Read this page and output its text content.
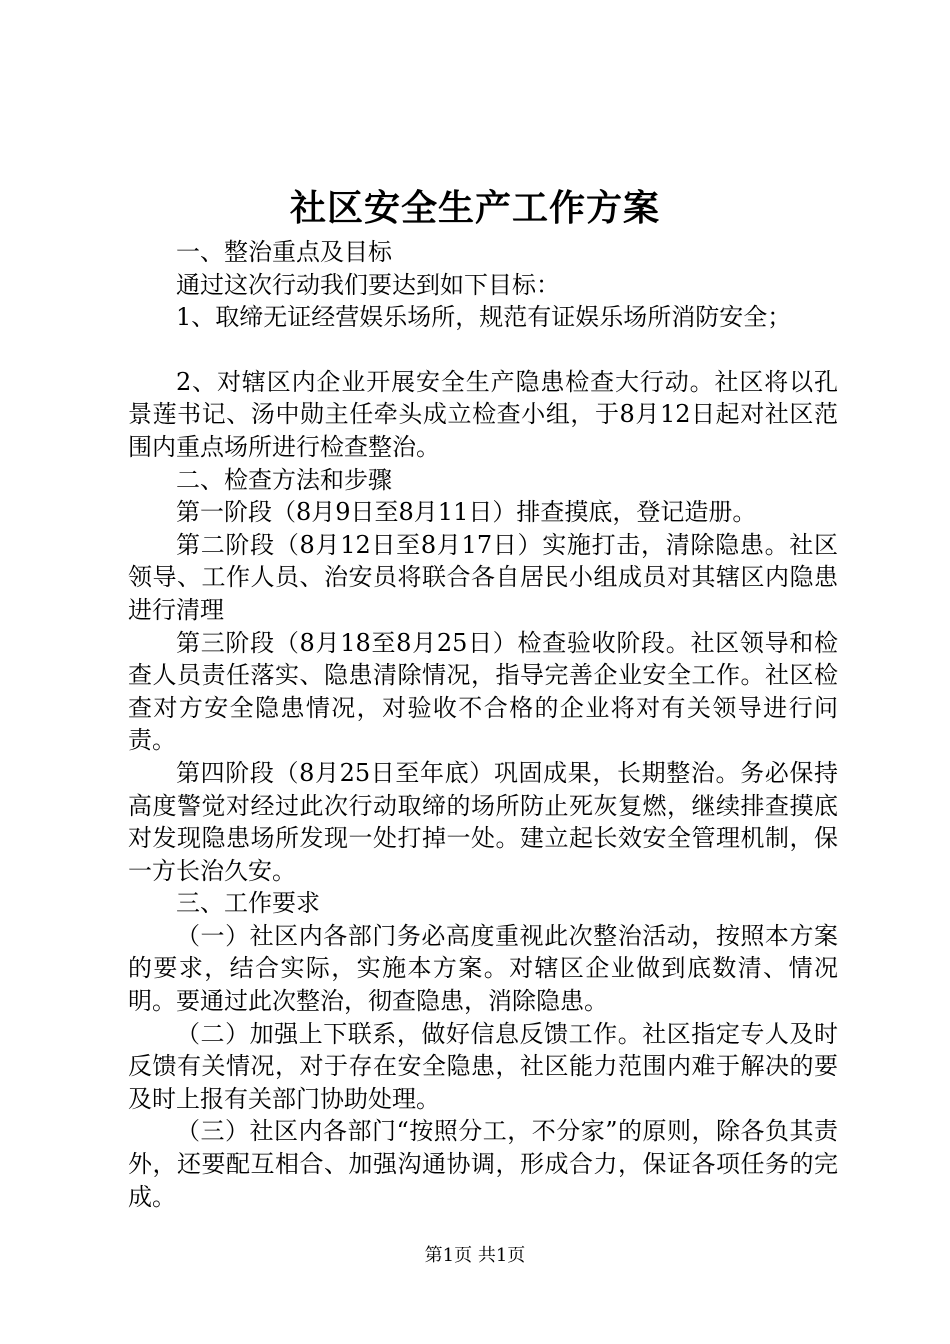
社区安全生产工作方案

一、整治重点及目标

通过这次行动我们要达到如下目标：

1、取缔无证经营娱乐场所，规范有证娱乐场所消防安全；

2、对辖区内企业开展安全生产隐患检查大行动。社区将以孔景莲书记、汤中勋主任牵头成立检查小组，于8月12日起对社区范围内重点场所进行检查整治。

二、检查方法和步骤

第一阶段（8月9日至8月11日）排查摸底，登记造册。

第二阶段（8月12日至8月17日）实施打击，清除隐患。社区领导、工作人员、治安员将联合各自居民小组成员对其辖区内隐患进行清理

第三阶段（8月18至8月25日）检查验收阶段。社区领导和检查人员责任落实、隐患清除情况，指导完善企业安全工作。社区检查对方安全隐患情况，对验收不合格的企业将对有关领导进行问责。

第四阶段（8月25日至年底）巩固成果，长期整治。务必保持高度警觉对经过此次行动取缔的场所防止死灰复燃，继续排查摸底对发现隐患场所发现一处打掉一处。建立起长效安全管理机制，保一方长治久安。

三、工作要求

（一）社区内各部门务必高度重视此次整治活动，按照本方案的要求，结合实际，实施本方案。对辖区企业做到底数清、情况明。要通过此次整治，彻查隐患，消除隐患。

（二）加强上下联系，做好信息反馈工作。社区指定专人及时反馈有关情况，对于存在安全隐患，社区能力范围内难于解决的要及时上报有关部门协助处理。

（三）社区内各部门“按照分工，不分家”的原则，除各负其责外，还要配互相合、加强沟通协调，形成合力，保证各项任务的完成。

第1页 共1页
